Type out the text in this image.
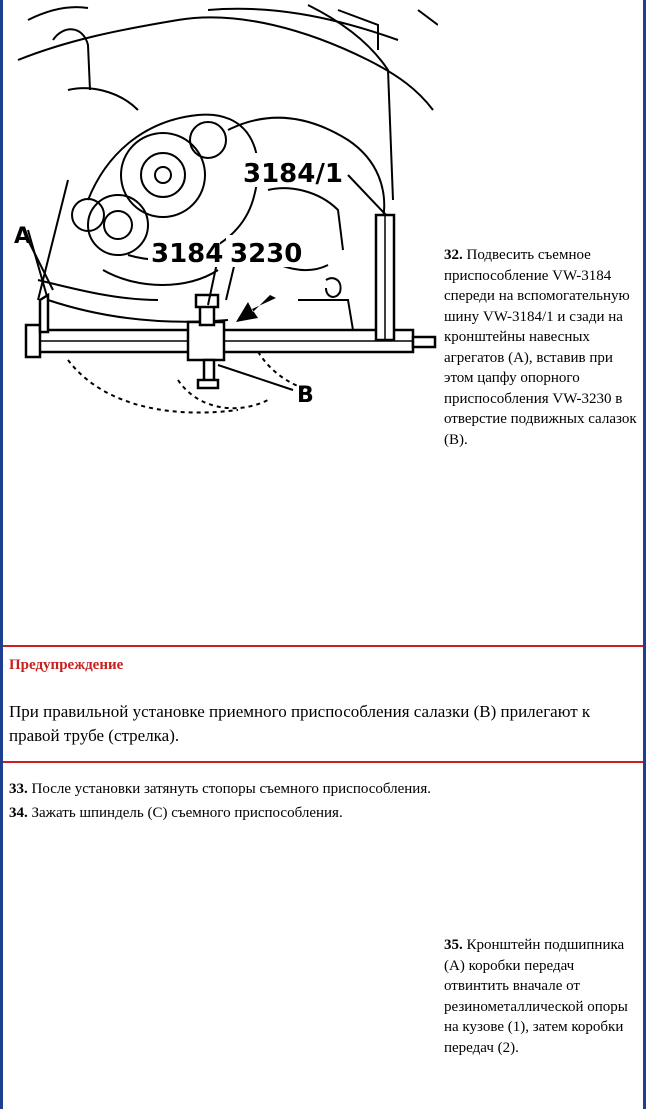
A
3184 3230
3184/1
B
32. Подвесить съемное приспособление VW-3184 спереди на вспомогательную шину VW-3184/1 и сзади на кронштейны навесных агрегатов (А), вставив при этом цапфу опорного приспособления VW-3230 в отверстие подвижных салазок (В).
Предупреждение
При правильной установке приемного приспособления салазки (В) прилегают к правой трубе (стрелка).
33. После установки затянуть стопоры съемного приспособления.
34. Зажать шпиндель (С) съемного приспособления.
35. Кронштейн подшипника (А) коробки передач отвинтить вначале от резинометаллической опоры на кузове (1), затем коробки передач (2).
